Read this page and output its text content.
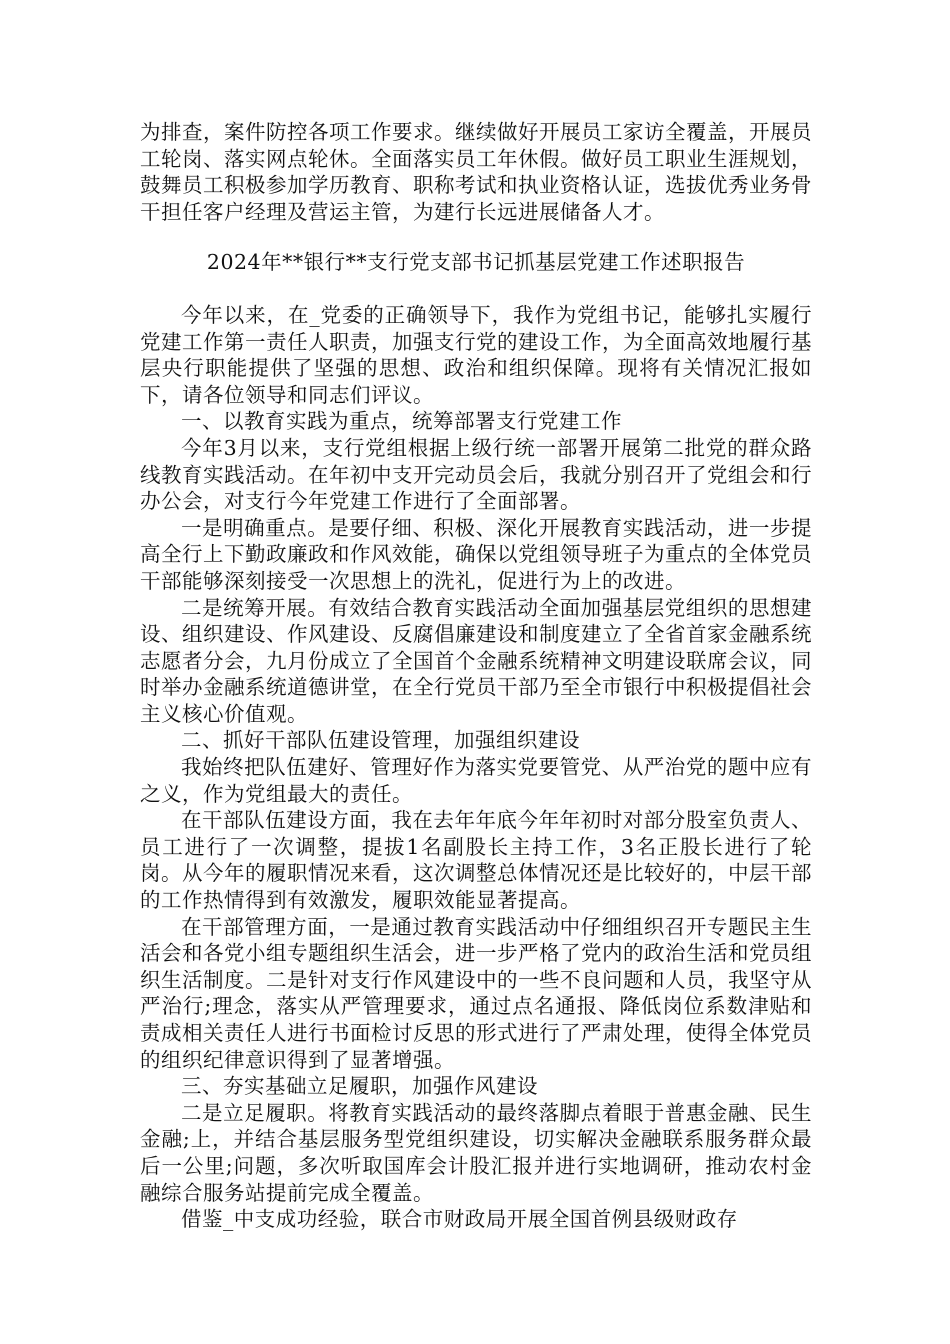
为排查，案件防控各项工作要求。继续做好开展员工家访全覆盖，开展员工轮岗、落实网点轮休。全面落实员工年休假。做好员工职业生涯规划，鼓舞员工积极参加学历教育、职称考试和执业资格认证，选拔优秀业务骨干担任客户经理及营运主管，为建行长远进展储备人才。

2024年**银行**支行党支部书记抓基层党建工作述职报告

今年以来，在_党委的正确领导下，我作为党组书记，能够扎实履行党建工作第一责任人职责，加强支行党的建设工作，为全面高效地履行基层央行职能提供了坚强的思想、政治和组织保障。现将有关情况汇报如下，请各位领导和同志们评议。

一、以教育实践为重点，统筹部署支行党建工作

今年3月以来，支行党组根据上级行统一部署开展第二批党的群众路线教育实践活动。在年初中支开完动员会后，我就分别召开了党组会和行办公会，对支行今年党建工作进行了全面部署。

一是明确重点。是要仔细、积极、深化开展教育实践活动，进一步提高全行上下勤政廉政和作风效能，确保以党组领导班子为重点的全体党员干部能够深刻接受一次思想上的洗礼，促进行为上的改进。

二是统筹开展。有效结合教育实践活动全面加强基层党组织的思想建设、组织建设、作风建设、反腐倡廉建设和制度建立了全省首家金融系统志愿者分会，九月份成立了全国首个金融系统精神文明建设联席会议，同时举办金融系统道德讲堂，在全行党员干部乃至全市银行中积极提倡社会主义核心价值观。

二、抓好干部队伍建设管理，加强组织建设

我始终把队伍建好、管理好作为落实党要管党、从严治党的题中应有之义，作为党组最大的责任。

在干部队伍建设方面，我在去年年底今年年初时对部分股室负责人、员工进行了一次调整，提拔1名副股长主持工作，3名正股长进行了轮岗。从今年的履职情况来看，这次调整总体情况还是比较好的，中层干部的工作热情得到有效激发，履职效能显著提高。

在干部管理方面，一是通过教育实践活动中仔细组织召开专题民主生活会和各党小组专题组织生活会，进一步严格了党内的政治生活和党员组织生活制度。二是针对支行作风建设中的一些不良问题和人员，我坚守从严治行;理念，落实从严管理要求，通过点名通报、降低岗位系数津贴和责成相关责任人进行书面检讨反思的形式进行了严肃处理，使得全体党员的组织纪律意识得到了显著增强。

三、夯实基础立足履职，加强作风建设

二是立足履职。将教育实践活动的最终落脚点着眼于普惠金融、民生金融;上，并结合基层服务型党组织建设，切实解决金融联系服务群众最后一公里;问题，多次听取国库会计股汇报并进行实地调研，推动农村金融综合服务站提前完成全覆盖。

借鉴_中支成功经验，联合市财政局开展全国首例县级财政存
